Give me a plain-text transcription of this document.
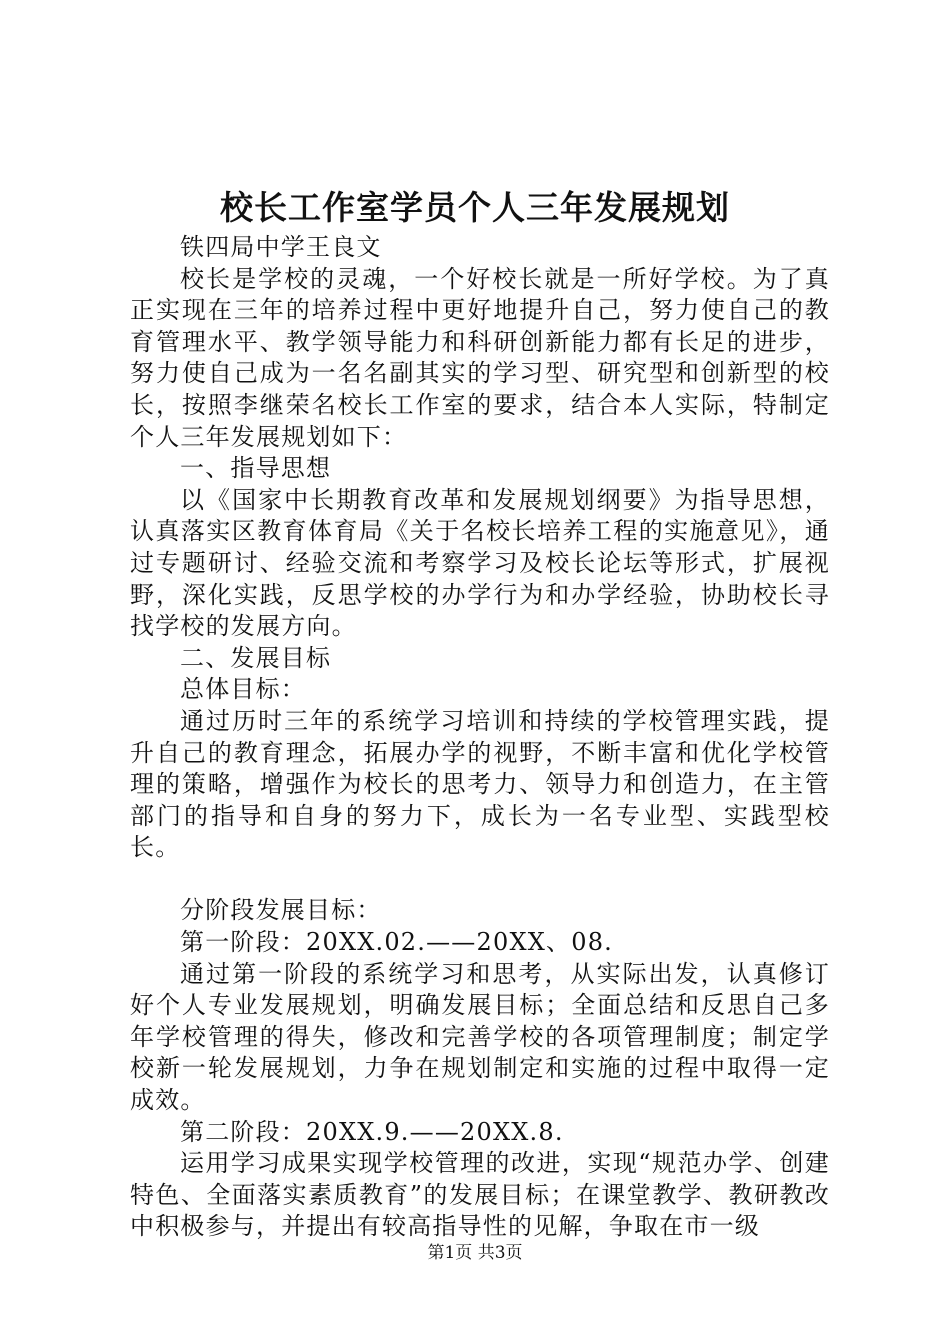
校长工作室学员个人三年发展规划

铁四局中学王良文

校长是学校的灵魂，一个好校长就是一所好学校。为了真正实现在三年的培养过程中更好地提升自己，努力使自己的教育管理水平、教学领导能力和科研创新能力都有长足的进步，努力使自己成为一名名副其实的学习型、研究型和创新型的校长，按照李继荣名校长工作室的要求，结合本人实际，特制定个人三年发展规划如下：

一、指导思想

以《国家中长期教育改革和发展规划纲要》为指导思想，认真落实区教育体育局《关于名校长培养工程的实施意见》，通过专题研讨、经验交流和考察学习及校长论坛等形式，扩展视野，深化实践，反思学校的办学行为和办学经验，协助校长寻找学校的发展方向。

二、发展目标

总体目标：

通过历时三年的系统学习培训和持续的学校管理实践，提升自己的教育理念，拓展办学的视野，不断丰富和优化学校管理的策略，增强作为校长的思考力、领导力和创造力，在主管部门的指导和自身的努力下，成长为一名专业型、实践型校长。

分阶段发展目标：

第一阶段：20XX.02.——20XX、08.

通过第一阶段的系统学习和思考，从实际出发，认真修订好个人专业发展规划，明确发展目标；全面总结和反思自己多年学校管理的得失，修改和完善学校的各项管理制度；制定学校新一轮发展规划，力争在规划制定和实施的过程中取得一定成效。

第二阶段：20XX.9.——20XX.8.

运用学习成果实现学校管理的改进，实现“规范办学、创建特色、全面落实素质教育”的发展目标；在课堂教学、教研教改中积极参与，并提出有较高指导性的见解，争取在市一级

第1页 共3页
